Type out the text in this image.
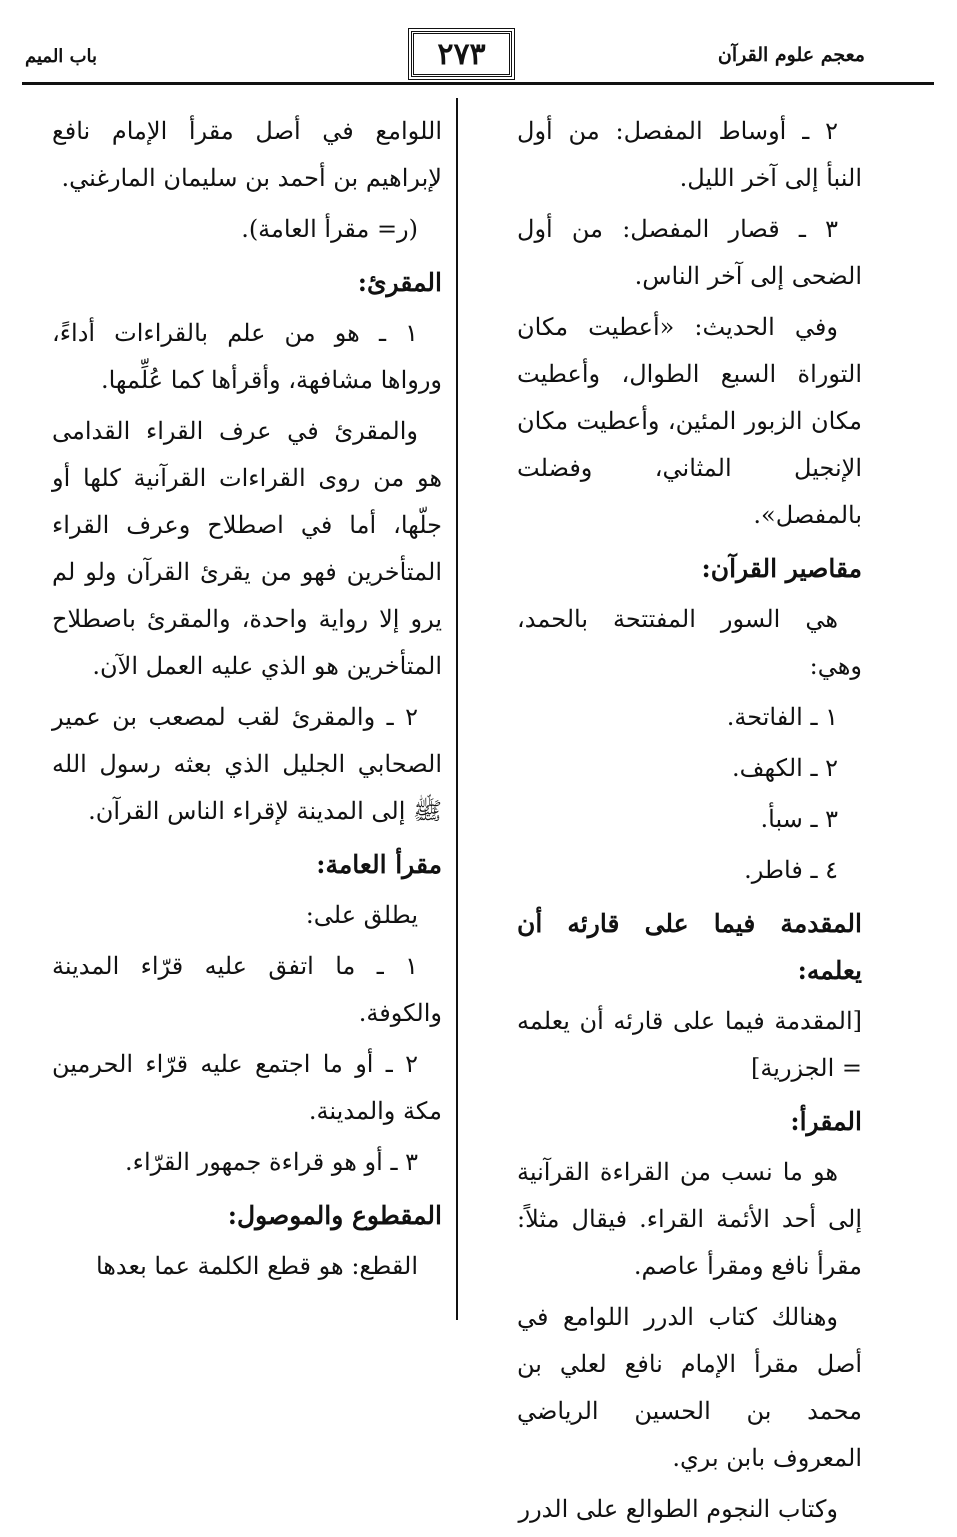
معجم علوم القرآن
٢٧٣
باب الميم

٢ ـ أوساط المفصل: من أول النبأ إلى آخر الليل.

٣ ـ قصار المفصل: من أول الضحى إلى آخر الناس.

وفي الحديث: «أعطيت مكان التوراة السبع الطوال، وأعطيت مكان الزبور المئين، وأعطيت مكان الإنجيل المثاني، وفضلت بالمفصل».

مقاصير القرآن:

هي السور المفتتحة بالحمد، وهي:

١ ـ الفاتحة.

٢ ـ الكهف.

٣ ـ سبأ.

٤ ـ فاطر.

المقدمة فيما على قارئه أن يعلمه:

[المقدمة فيما على قارئه أن يعلمه = الجزرية]

المقرأ:

هو ما نسب من القراءة القرآنية إلى أحد الأئمة القراء. فيقال مثلاً: مقرأ نافع ومقرأ عاصم.

وهنالك كتاب الدرر اللوامع في أصل مقرأ الإمام نافع لعلي بن محمد بن الحسين الرياضي المعروف بابن بري.

وكتاب النجوم الطوالع على الدرر

اللوامع في أصل مقرأ الإمام نافع لإبراهيم بن أحمد بن سليمان المارغني.

(ر= مقرأ العامة).

المقرئ:

١ ـ هو من علم بالقراءات أداءً، ورواها مشافهة، وأقرأها كما عُلِّمها.

والمقرئ في عرف القراء القدامى هو من روى القراءات القرآنية كلها أو جلّها، أما في اصطلاح وعرف القراء المتأخرين فهو من يقرئ القرآن ولو لم يرو إلا رواية واحدة، والمقرئ باصطلاح المتأخرين هو الذي عليه العمل الآن.

٢ ـ والمقرئ لقب لمصعب بن عمير الصحابي الجليل الذي بعثه رسول الله ﷺ إلى المدينة لإقراء الناس القرآن.

مقرأ العامة:

يطلق على:

١ ـ ما اتفق عليه قرّاء المدينة والكوفة.

٢ ـ أو ما اجتمع عليه قرّاء الحرمين مكة والمدينة.

٣ ـ أو هو قراءة جمهور القرّاء.

المقطوع والموصول:

القطع: هو قطع الكلمة عما بعدها
